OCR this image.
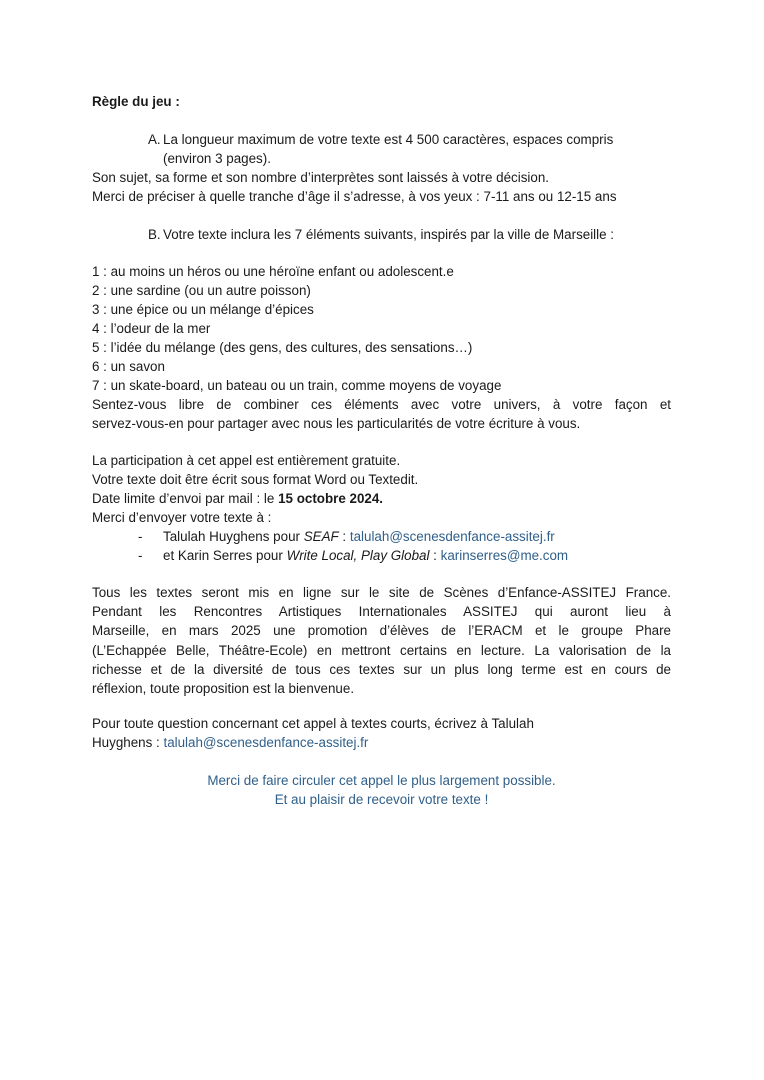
Règle du jeu :
A. La longueur maximum de votre texte est 4 500 caractères, espaces compris
(environ 3 pages).
Son sujet, sa forme et son nombre d’interprètes sont laissés à votre décision.
Merci de préciser à quelle tranche d’âge il s’adresse, à vos yeux : 7-11 ans ou 12-15 ans
B. Votre texte inclura les 7 éléments suivants, inspirés par la ville de Marseille :
1 : au moins un héros ou une héroïne enfant ou adolescent.e
2 : une sardine (ou un autre poisson)
3 : une épice ou un mélange d’épices
4 : l’odeur de la mer
5 : l’idée du mélange (des gens, des cultures, des sensations…)
6 : un savon
7 : un skate-board, un bateau ou un train, comme moyens de voyage
Sentez-vous libre de combiner ces éléments avec votre univers, à votre façon et
servez-vous-en pour partager avec nous les particularités de votre écriture à vous.
La participation à cet appel est entièrement gratuite.
Votre texte doit être écrit sous format Word ou Textedit.
Date limite d’envoi par mail : le 15 octobre 2024.
Merci d’envoyer votre texte à :
- Talulah Huyghens pour SEAF : talulah@scenesdenfance-assitej.fr
- et Karin Serres pour Write Local, Play Global : karinserres@me.com
Tous les textes seront mis en ligne sur le site de Scènes d’Enfance-ASSITEJ France.
Pendant les Rencontres Artistiques Internationales ASSITEJ qui auront lieu à
Marseille, en mars 2025 une promotion d’élèves de l’ERACM et le groupe Phare
(L’Echappée Belle, Théâtre-Ecole) en mettront certains en lecture. La valorisation de la
richesse et de la diversité de tous ces textes sur un plus long terme est en cours de
réflexion, toute proposition est la bienvenue.
Pour toute question concernant cet appel à textes courts, écrivez à Talulah
Huyghens : talulah@scenesdenfance-assitej.fr
Merci de faire circuler cet appel le plus largement possible.
Et au plaisir de recevoir votre texte !
